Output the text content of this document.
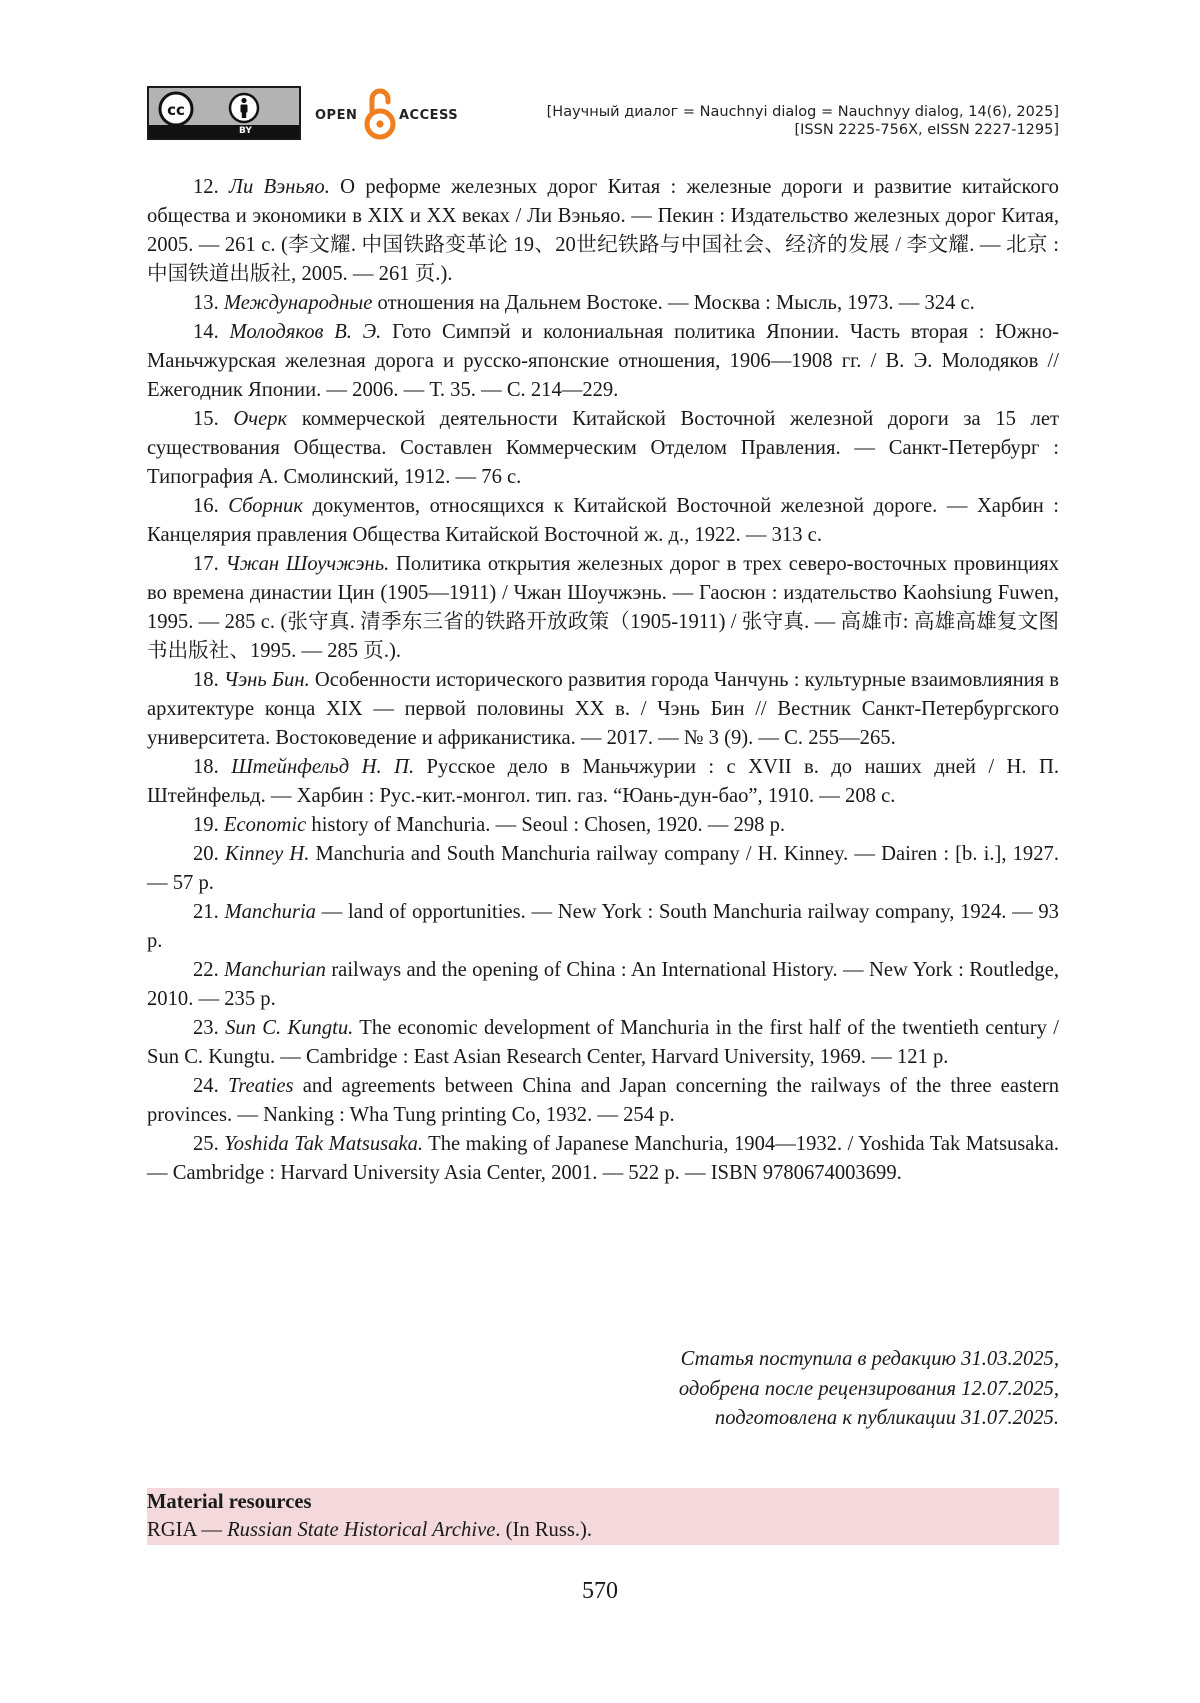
cc
BY
OPEN	ACCESS	[Научный диалог = Nauchnyi dialog = Nauchnyy dialog, 14(6), 2025]
[ISSN 2225-756X, eISSN 2227-1295]

12. Ли Вэньяо. О реформе железных дорог Китая : железные дороги и развитие китайского общества и экономики в XIX и XX веках / Ли Вэньяо. — Пекин : Издательство железных дорог Китая, 2005. — 261 с. (李文耀. 中国铁路变革论 19、20世纪铁路与中国社会、经济的发展 / 李文耀. — 北京 : 中国铁道出版社, 2005. — 261 页.).

13. Международные отношения на Дальнем Востоке. — Москва : Мысль, 1973. — 324 с.

14. Молодяков В. Э. Гото Симпэй и колониальная политика Японии. Часть вторая : Южно-Маньчжурская железная дорога и русско-японские отношения, 1906—1908 гг. / В. Э. Молодяков // Ежегодник Японии. — 2006. — Т. 35. — С. 214—229.

15. Очерк коммерческой деятельности Китайской Восточной железной дороги за 15 лет существования Общества. Составлен Коммерческим Отделом Правления. — Санкт-Петербург : Типография А. Смолинский, 1912. — 76 с.

16. Сборник документов, относящихся к Китайской Восточной железной дороге. — Харбин : Канцелярия правления Общества Китайской Восточной ж. д., 1922. — 313 с.

17. Чжан Шоучжэнь. Политика открытия железных дорог в трех северо-восточных провинциях во времена династии Цин (1905—1911) / Чжан Шоучжэнь. — Гаосюн : издательство Kaohsiung Fuwen, 1995. — 285 с. (张守真. 清季东三省的铁路开放政策（1905-1911) / 张守真. — 高雄市: 高雄高雄复文图书出版社、1995. — 285 页.).

18. Чэнь Бин. Особенности исторического развития города Чанчунь : культурные взаимовлияния в архитектуре конца XIX — первой половины XX в. / Чэнь Бин // Вестник Санкт-Петербургского университета. Востоковедение и африканистика. — 2017. — № 3 (9). — С. 255—265.

18. Штейнфельд Н. П. Русское дело в Маньчжурии : с XVII в. до наших дней / Н. П. Штейнфельд. — Харбин : Рус.-кит.-монгол. тип. газ. “Юань-дун-бао”, 1910. — 208 с.

19. Economic history of Manchuria. — Seoul : Chosen, 1920. — 298 p.

20. Kinney H. Manchuria and South Manchuria railway company / H. Kinney. — Dairen : [b. i.], 1927. — 57 p.

21. Manchuria — land of opportunities. — New York : South Manchuria railway company, 1924. — 93 p.

22. Manchurian railways and the opening of China : An International History. — New York : Routledge, 2010. — 235 p.

23. Sun C. Kungtu. The economic development of Manchuria in the first half of the twentieth century / Sun C. Kungtu. — Cambridge : East Asian Research Center, Harvard University, 1969. — 121 p.

24. Treaties and agreements between China and Japan concerning the railways of the three eastern provinces. — Nanking : Wha Tung printing Co, 1932. — 254 p.

25. Yoshida Tak Matsusaka. The making of Japanese Manchuria, 1904—1932. / Yoshida Tak Matsusaka. — Cambridge : Harvard University Asia Center, 2001. — 522 p. — ISBN 9780674003699.

Статья поступила в редакцию 31.03.2025,
одобрена после рецензирования 12.07.2025,
подготовлена к публикации 31.07.2025.
Material resources
RGIA — Russian State Historical Archive. (In Russ.).
570
